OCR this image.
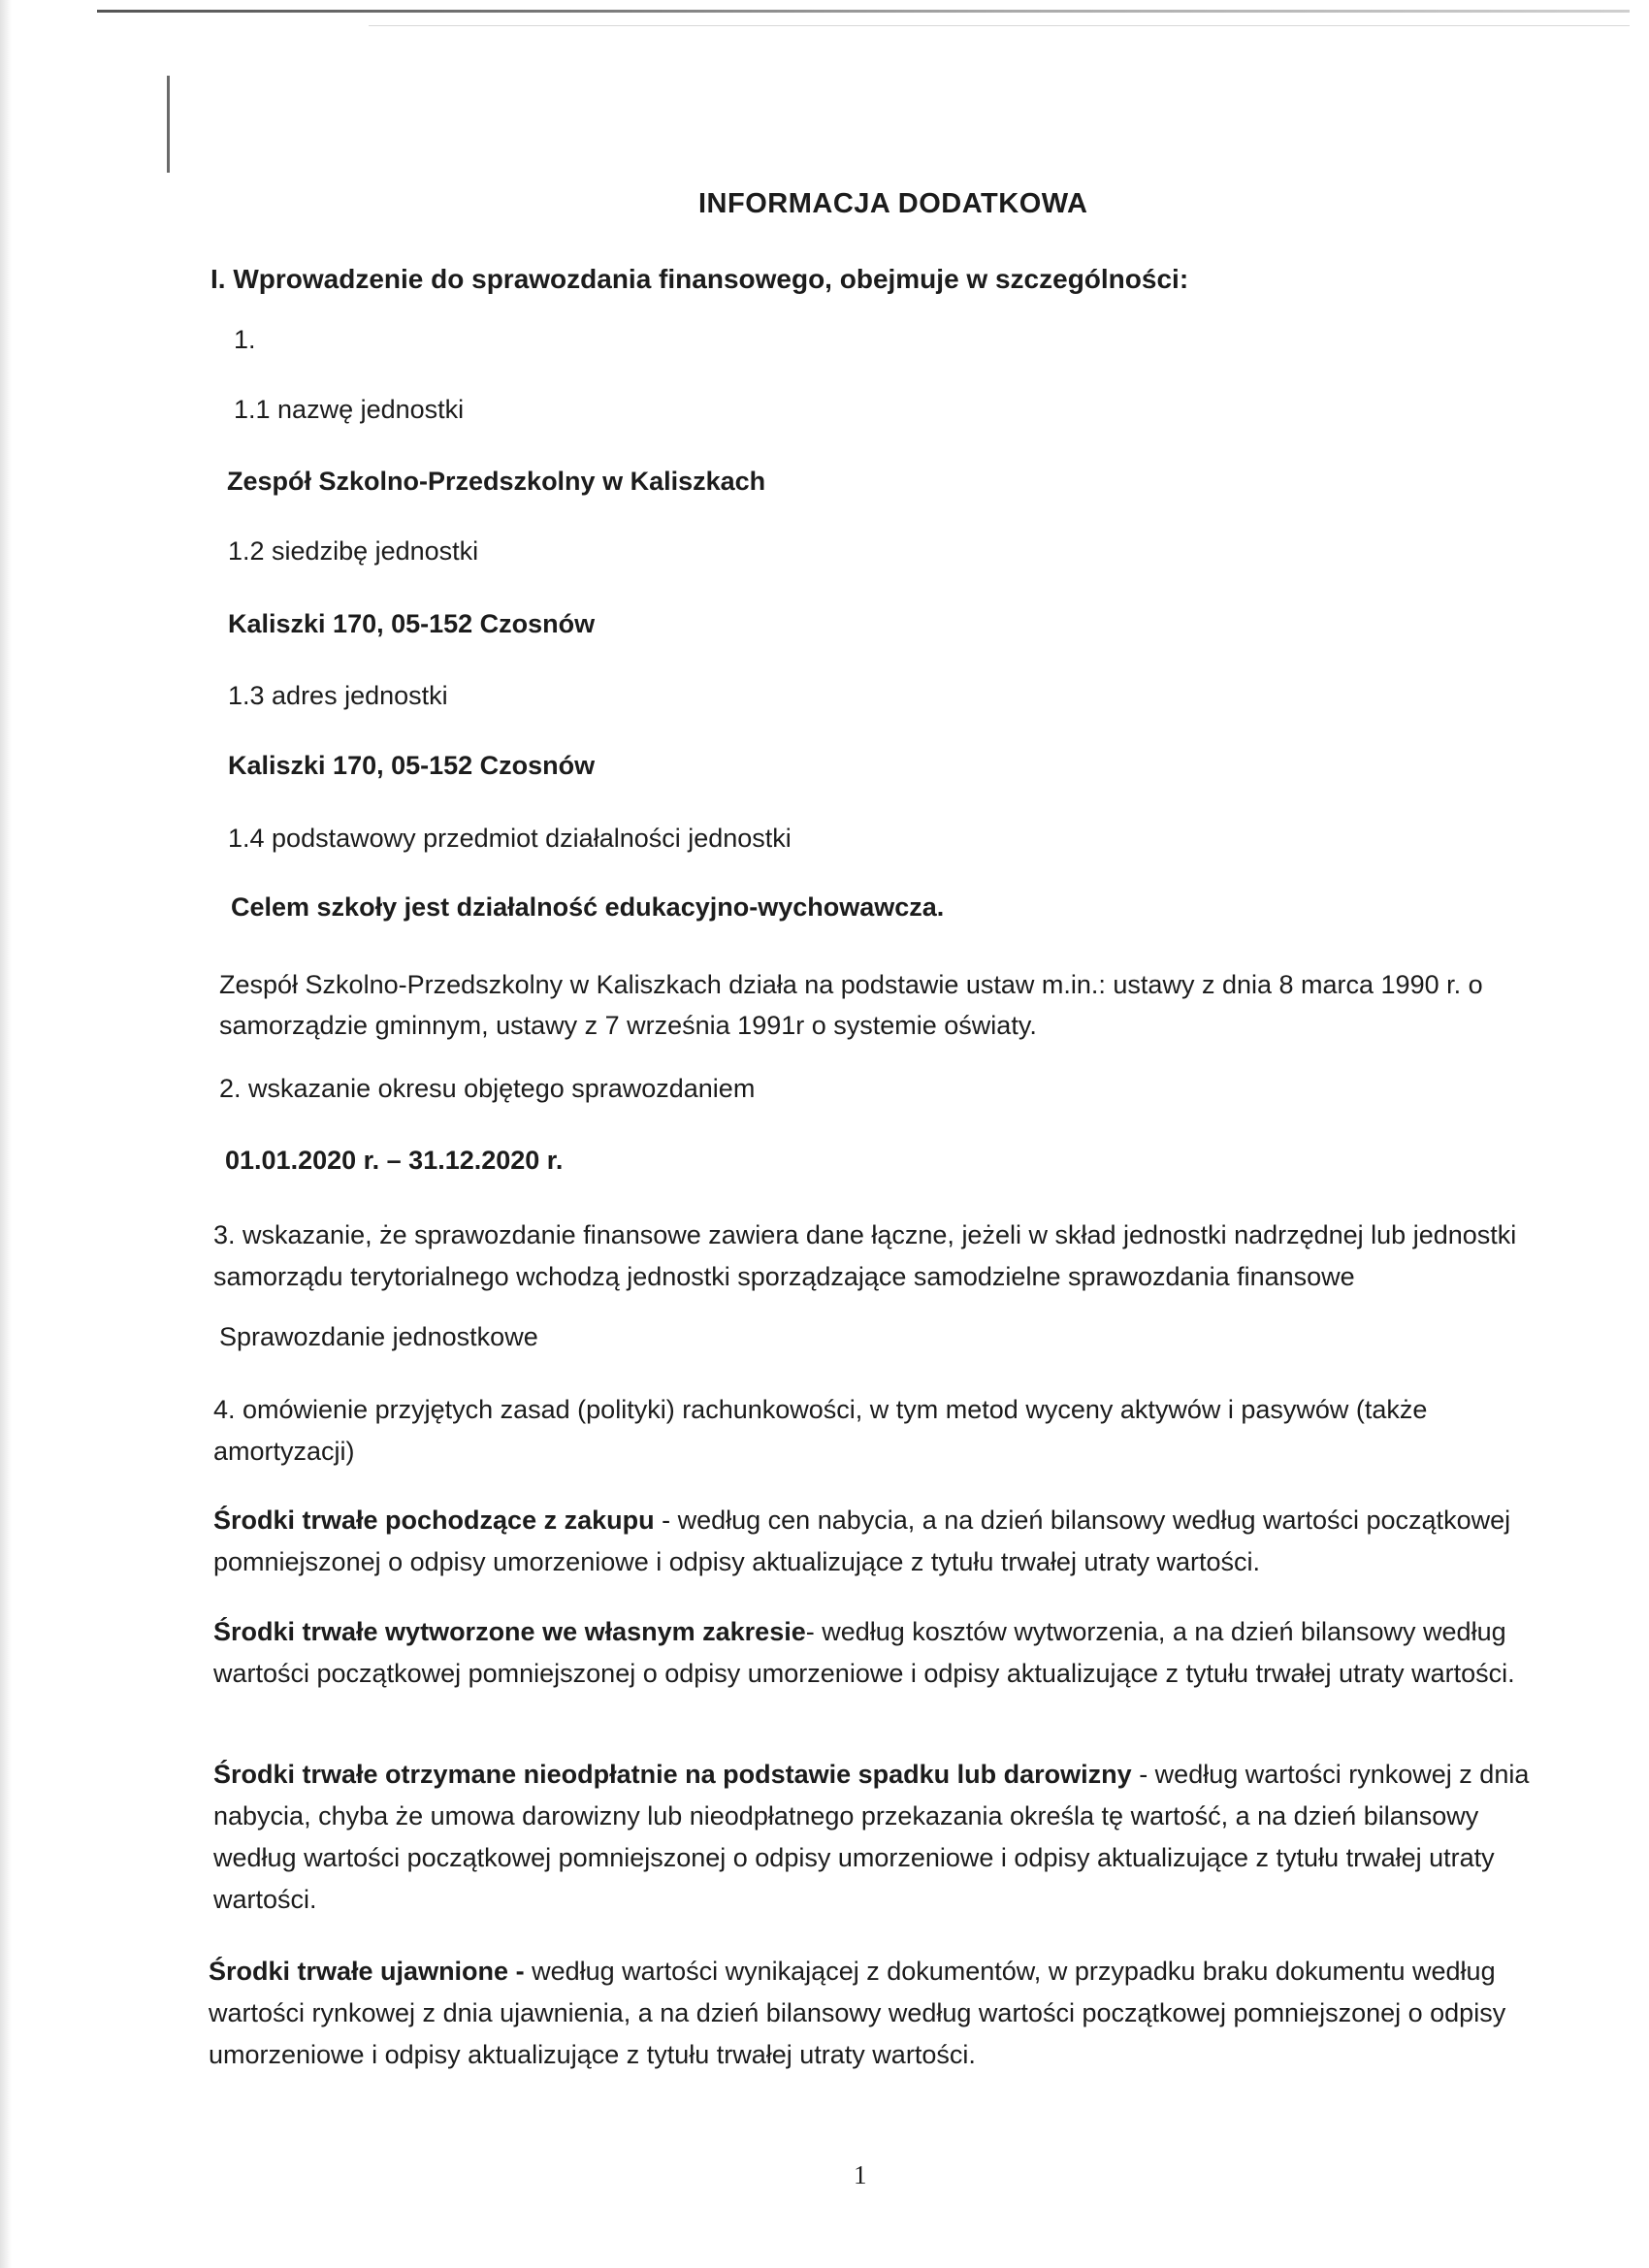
INFORMACJA DODATKOWA

I. Wprowadzenie do sprawozdania finansowego, obejmuje w szczególności:

1.

1.1 nazwę jednostki

Zespół Szkolno-Przedszkolny w Kaliszkach

1.2 siedzibę jednostki

Kaliszki 170, 05-152 Czosnów

1.3 adres jednostki

Kaliszki 170, 05-152 Czosnów

1.4 podstawowy przedmiot działalności jednostki

Celem szkoły jest działalność edukacyjno-wychowawcza.

Zespół Szkolno-Przedszkolny w Kaliszkach działa na podstawie ustaw m.in.: ustawy z dnia 8 marca 1990 r. o samorządzie gminnym, ustawy z 7 września 1991r o systemie oświaty.

2. wskazanie okresu objętego sprawozdaniem

01.01.2020 r. – 31.12.2020 r.

3. wskazanie, że sprawozdanie finansowe zawiera dane łączne, jeżeli w skład jednostki nadrzędnej lub jednostki samorządu terytorialnego wchodzą jednostki sporządzające samodzielne sprawozdania finansowe

Sprawozdanie jednostkowe

4. omówienie przyjętych zasad (polityki) rachunkowości, w tym metod wyceny aktywów i pasywów (także amortyzacji)

Środki trwałe pochodzące z zakupu - według cen nabycia, a na dzień bilansowy według wartości początkowej pomniejszonej o odpisy umorzeniowe i odpisy aktualizujące z tytułu trwałej utraty wartości.

Środki trwałe wytworzone we własnym zakresie- według kosztów wytworzenia, a na dzień bilansowy według wartości początkowej pomniejszonej o odpisy umorzeniowe i odpisy aktualizujące z tytułu trwałej utraty wartości.

Środki trwałe otrzymane nieodpłatnie na podstawie spadku lub darowizny - według wartości rynkowej z dnia nabycia, chyba że umowa darowizny lub nieodpłatnego przekazania określa tę wartość, a na dzień bilansowy według wartości początkowej pomniejszonej o odpisy umorzeniowe i odpisy aktualizujące z tytułu trwałej utraty wartości.

Środki trwałe ujawnione - według wartości wynikającej z dokumentów, w przypadku braku dokumentu według wartości rynkowej z dnia ujawnienia, a na dzień bilansowy według wartości początkowej pomniejszonej o odpisy umorzeniowe i odpisy aktualizujące z tytułu trwałej utraty wartości.

1
